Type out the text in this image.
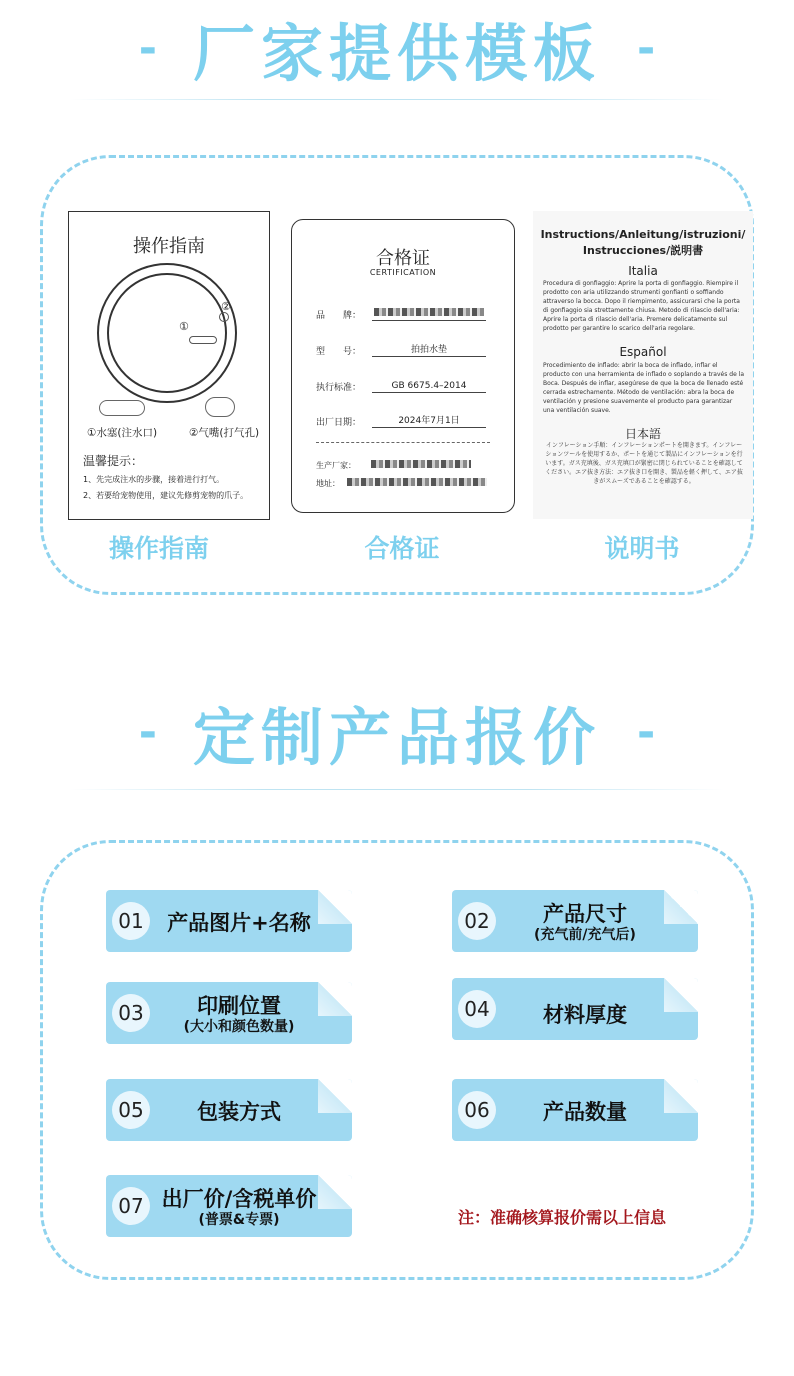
- 厂家提供模板 -
操作指南
①
②
①水塞(注水口)	②气嘴(打气孔)
温馨提示：
1、先完成注水的步骤，接着进行打气。
2、若要给宠物使用，建议先修剪宠物的爪子。
合格证
CERTIFICATION
品　　牌：
型　　号：	拍拍水垫
执行标准：	GB 6675.4–2014
出厂日期：	2024年7月1日
生产厂家：
地址：
Instructions/Anleitung/istruzioni/
Instrucciones/説明書
Italia
Procedura di gonfiaggio: Aprire la porta di gonfiaggio. Riempire il prodotto con aria utilizzando strumenti gonfianti o soffiando attraverso la bocca. Dopo il riempimento, assicurarsi che la porta di gonfiaggio sia strettamente chiusa. Metodo di rilascio dell'aria: Aprire la porta di rilascio dell'aria. Premere delicatamente sul prodotto per garantire lo scarico dell'aria regolare.
Español
Procedimiento de inflado: abrir la boca de inflado, inflar el producto con una herramienta de inflado o soplando a través de la Boca. Después de inflar, asegúrese de que la boca de llenado esté cerrada estrechamente. Método de ventilación: abra la boca de ventilación y presione suavemente el producto para garantizar una ventilación suave.
日本語
インフレーション手順：インフレーションポートを開きます。インフレーションツールを使用するか、ポートを通じて製品にインフレーションを行います。ガス充填後、ガス充填口が緊密に閉じられていることを確認してください。エア抜き方法：エア抜き口を開き、製品を軽く押して、エア抜きがスムーズであることを確認する。
操作指南	合格证	说明书
- 定制产品报价 -
01	产品图片+名称	02	产品尺寸
(充气前/充气后)
03	印刷位置
(大小和颜色数量)
04	材料厚度
05	包装方式	06	产品数量
07 出厂价/含税单价
(普票&专票)	注：准确核算报价需以上信息
